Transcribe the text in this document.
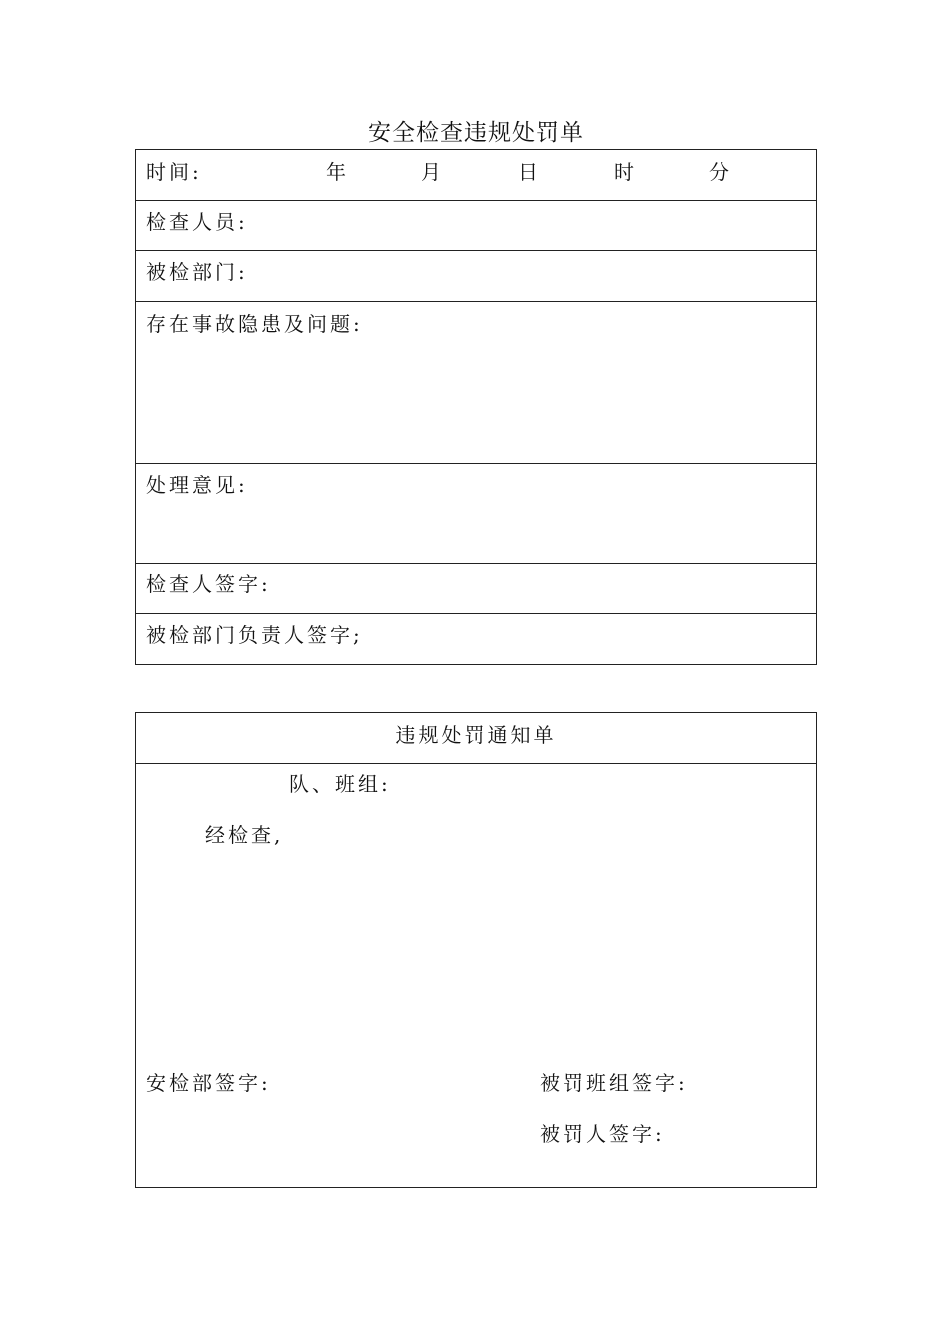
安全检查违规处罚单
时间:	年	月	日	时	分
检查人员:
被检部门:
存在事故隐患及问题:
处理意见:
检查人签字:
被检部门负责人签字;
违规处罚通知单
队、班组:
经检查,
安检部签字:	被罚班组签字:
被罚人签字:
